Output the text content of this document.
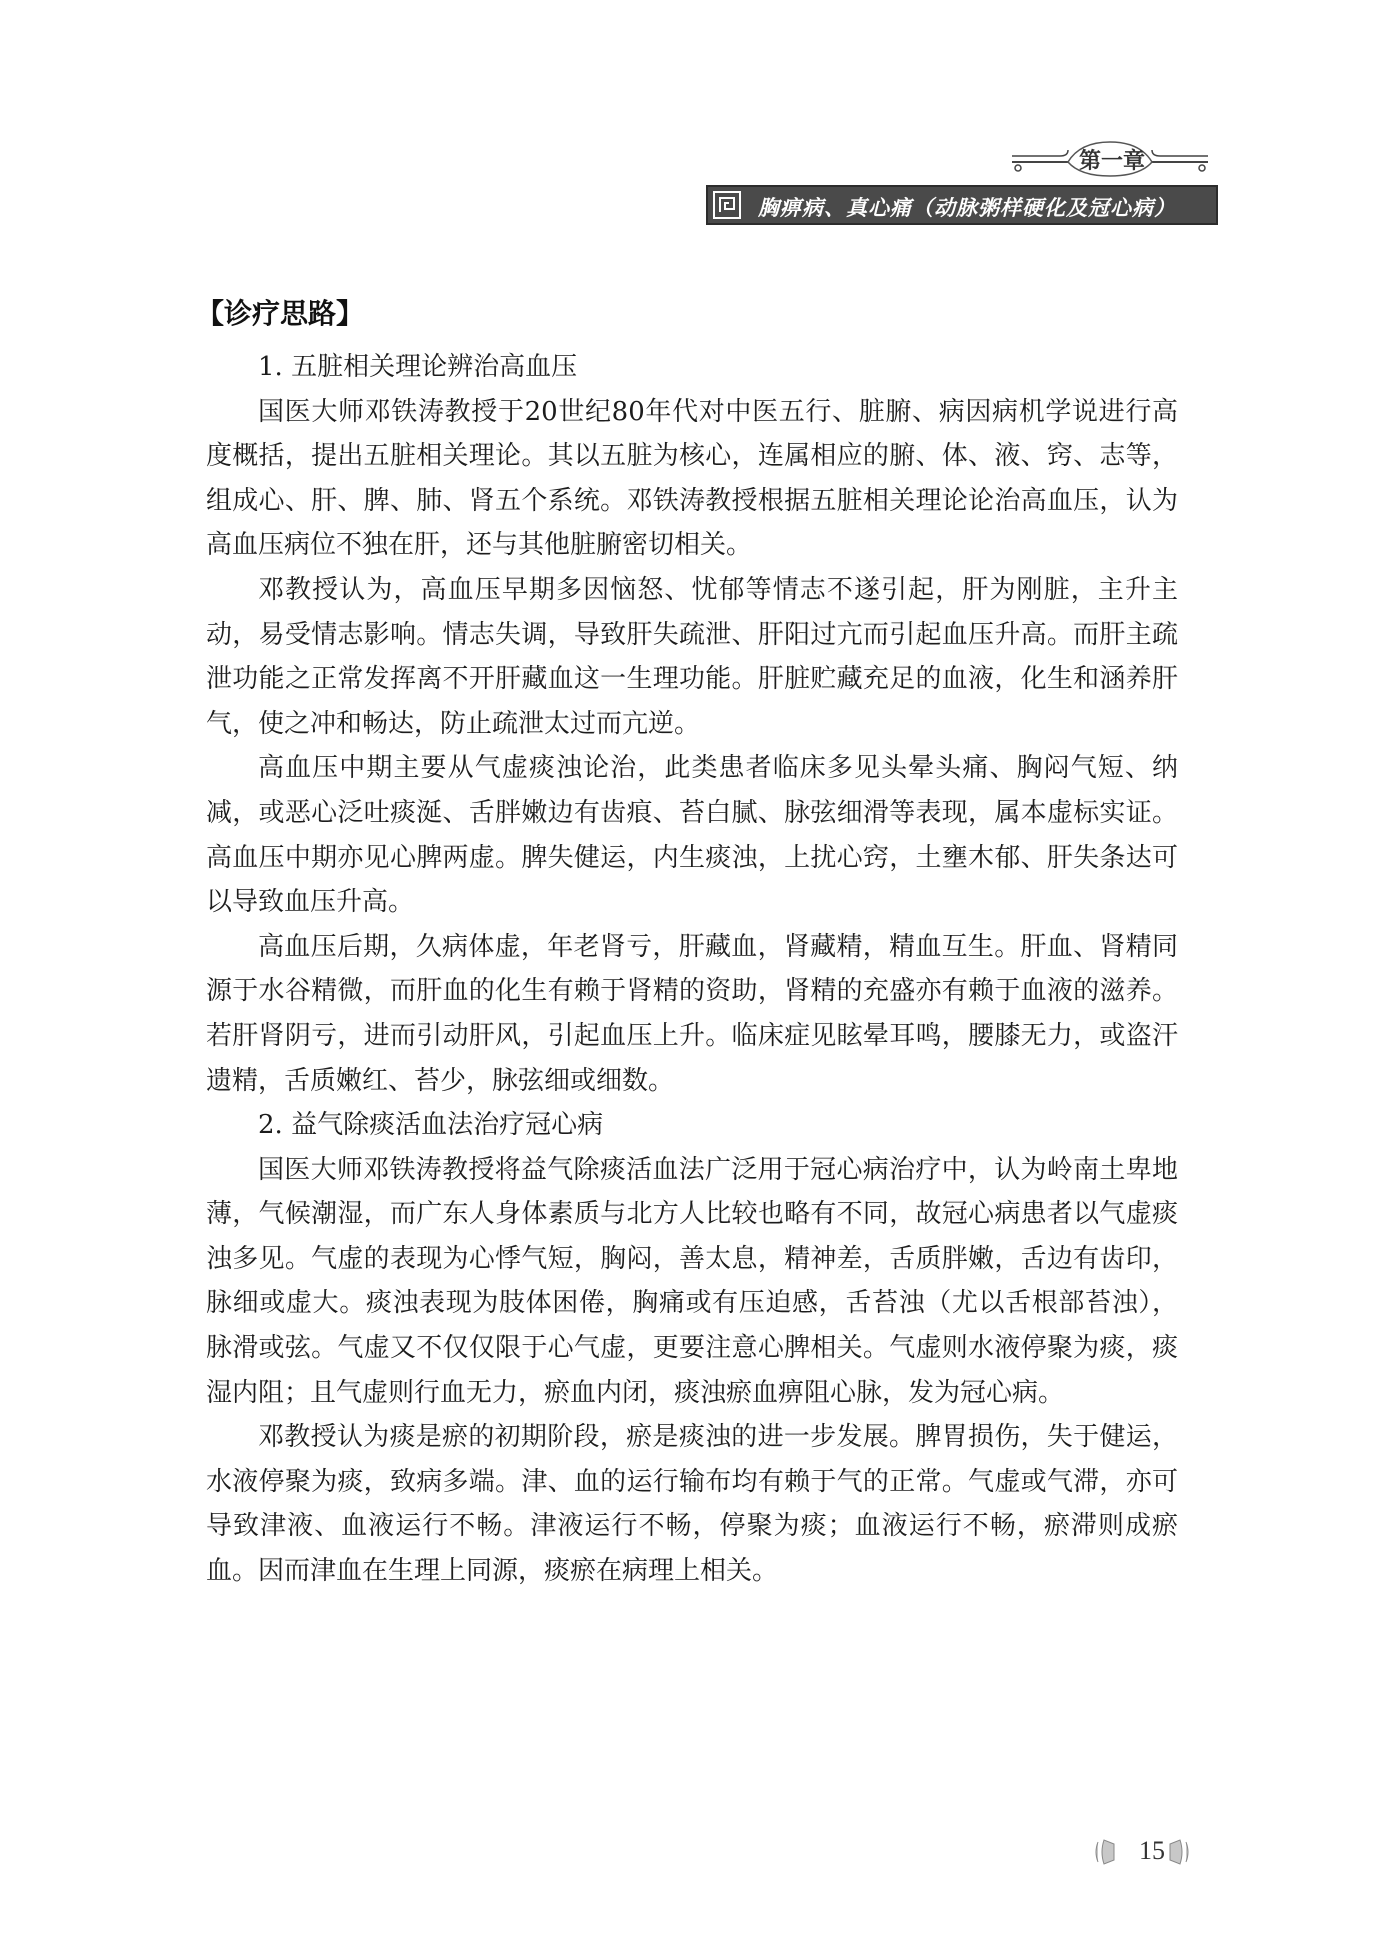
第一章
胸痹病、真心痛（动脉粥样硬化及冠心病）
【诊疗思路】

1. 五脏相关理论辨治高血压

国医大师邓铁涛教授于20世纪80年代对中医五行、脏腑、病因病机学说进行高度概括，提出五脏相关理论。其以五脏为核心，连属相应的腑、体、液、窍、志等，组成心、肝、脾、肺、肾五个系统。邓铁涛教授根据五脏相关理论论治高血压，认为高血压病位不独在肝，还与其他脏腑密切相关。

邓教授认为，高血压早期多因恼怒、忧郁等情志不遂引起，肝为刚脏，主升主动，易受情志影响。情志失调，导致肝失疏泄、肝阳过亢而引起血压升高。而肝主疏泄功能之正常发挥离不开肝藏血这一生理功能。肝脏贮藏充足的血液，化生和涵养肝气，使之冲和畅达，防止疏泄太过而亢逆。

高血压中期主要从气虚痰浊论治，此类患者临床多见头晕头痛、胸闷气短、纳减，或恶心泛吐痰涎、舌胖嫩边有齿痕、苔白腻、脉弦细滑等表现，属本虚标实证。高血压中期亦见心脾两虚。脾失健运，内生痰浊，上扰心窍，土壅木郁、肝失条达可以导致血压升高。

高血压后期，久病体虚，年老肾亏，肝藏血，肾藏精，精血互生。肝血、肾精同源于水谷精微，而肝血的化生有赖于肾精的资助，肾精的充盛亦有赖于血液的滋养。若肝肾阴亏，进而引动肝风，引起血压上升。临床症见眩晕耳鸣，腰膝无力，或盗汗遗精，舌质嫩红、苔少，脉弦细或细数。

2. 益气除痰活血法治疗冠心病

国医大师邓铁涛教授将益气除痰活血法广泛用于冠心病治疗中，认为岭南土卑地薄，气候潮湿，而广东人身体素质与北方人比较也略有不同，故冠心病患者以气虚痰浊多见。气虚的表现为心悸气短，胸闷，善太息，精神差，舌质胖嫩，舌边有齿印，脉细或虚大。痰浊表现为肢体困倦，胸痛或有压迫感，舌苔浊（尤以舌根部苔浊），脉滑或弦。气虚又不仅仅限于心气虚，更要注意心脾相关。气虚则水液停聚为痰，痰湿内阻；且气虚则行血无力，瘀血内闭，痰浊瘀血痹阻心脉，发为冠心病。

邓教授认为痰是瘀的初期阶段，瘀是痰浊的进一步发展。脾胃损伤，失于健运，水液停聚为痰，致病多端。津、血的运行输布均有赖于气的正常。气虚或气滞，亦可导致津液、血液运行不畅。津液运行不畅，停聚为痰；血液运行不畅，瘀滞则成瘀血。因而津血在生理上同源，痰瘀在病理上相关。

15
